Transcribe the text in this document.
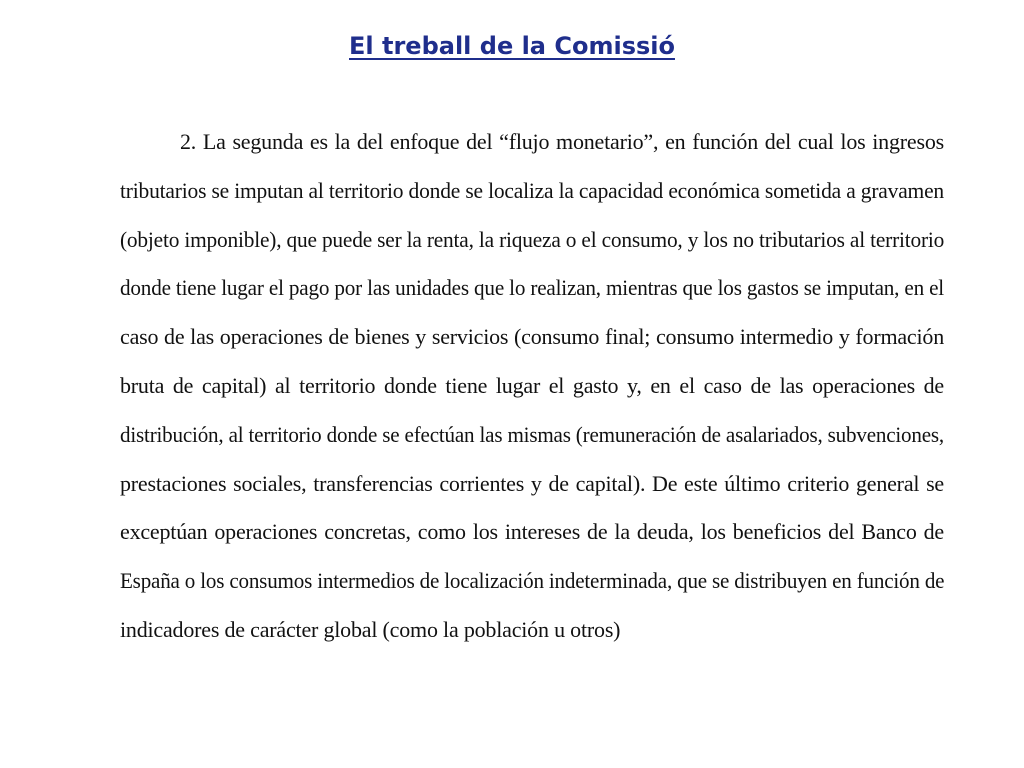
El treball de la Comissió
2. La segunda es la del enfoque del “flujo monetario”, en función del cual los ingresos
tributarios se imputan al territorio donde se localiza la capacidad económica sometida a gravamen
(objeto imponible), que puede ser la renta, la riqueza o el consumo, y los no tributarios al territorio
donde tiene lugar el pago por las unidades que lo realizan, mientras que los gastos se imputan, en el
caso de las operaciones de bienes y servicios (consumo final; consumo intermedio y formación
bruta de capital) al territorio donde tiene lugar el gasto y, en el caso de las operaciones de
distribución, al territorio donde se efectúan las mismas (remuneración de asalariados, subvenciones,
prestaciones sociales, transferencias corrientes y de capital). De este último criterio general se
exceptúan operaciones concretas, como los intereses de la deuda, los beneficios del Banco de
España o los consumos intermedios de localización indeterminada, que se distribuyen en función de
indicadores de carácter global (como la población u otros)
